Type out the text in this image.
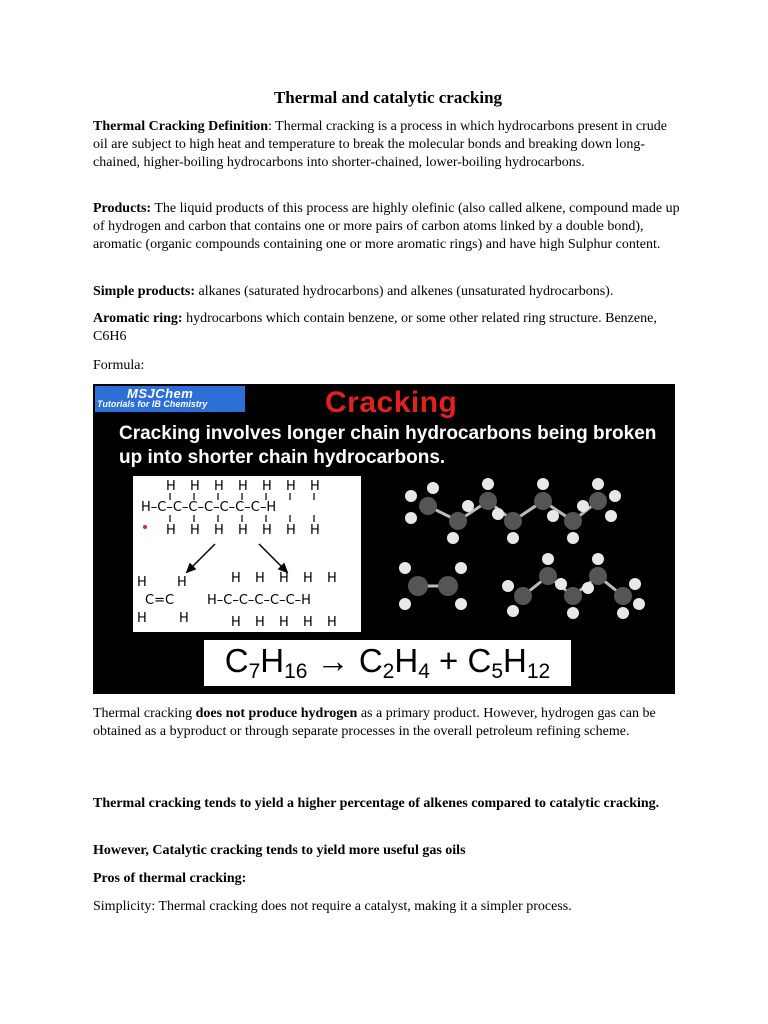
Thermal and catalytic cracking

Thermal Cracking Definition: Thermal cracking is a process in which hydrocarbons present in crude oil are subject to high heat and temperature to break the molecular bonds and breaking down long-chained, higher-boiling hydrocarbons into shorter-chained, lower-boiling hydrocarbons.

Products: The liquid products of this process are highly olefinic (also called alkene, compound made up of hydrogen and carbon that contains one or more pairs of carbon atoms linked by a double bond), aromatic (organic compounds containing one or more aromatic rings) and have high Sulphur content.

Simple products: alkanes (saturated hydrocarbons) and alkenes (unsaturated hydrocarbons).

Aromatic ring: hydrocarbons which contain benzene, or some other related ring structure. Benzene, C6H6

Formula:

Thermal cracking does not produce hydrogen as a primary product. However, hydrogen gas can be obtained as a byproduct or through separate processes in the overall petroleum refining scheme.

Thermal cracking tends to yield a higher percentage of alkenes compared to catalytic cracking.

However, Catalytic cracking tends to yield more useful gas oils

Pros of thermal cracking:

Simplicity: Thermal cracking does not require a catalyst, making it a simpler process.

MSJChem
Tutorials for IB Chemistry	Cracking
Cracking involves longer chain hydrocarbons being broken up into shorter chain hydrocarbons.
H H H H H H H
H–C–C–C–C–C–C–C–H
H H H H H H H
H H
C=C
H H
H H H H H
H–C–C–C–C–C–H
H H H H H
$C_7H_{16} \to C_2H_4 + C_5H_{12}$
